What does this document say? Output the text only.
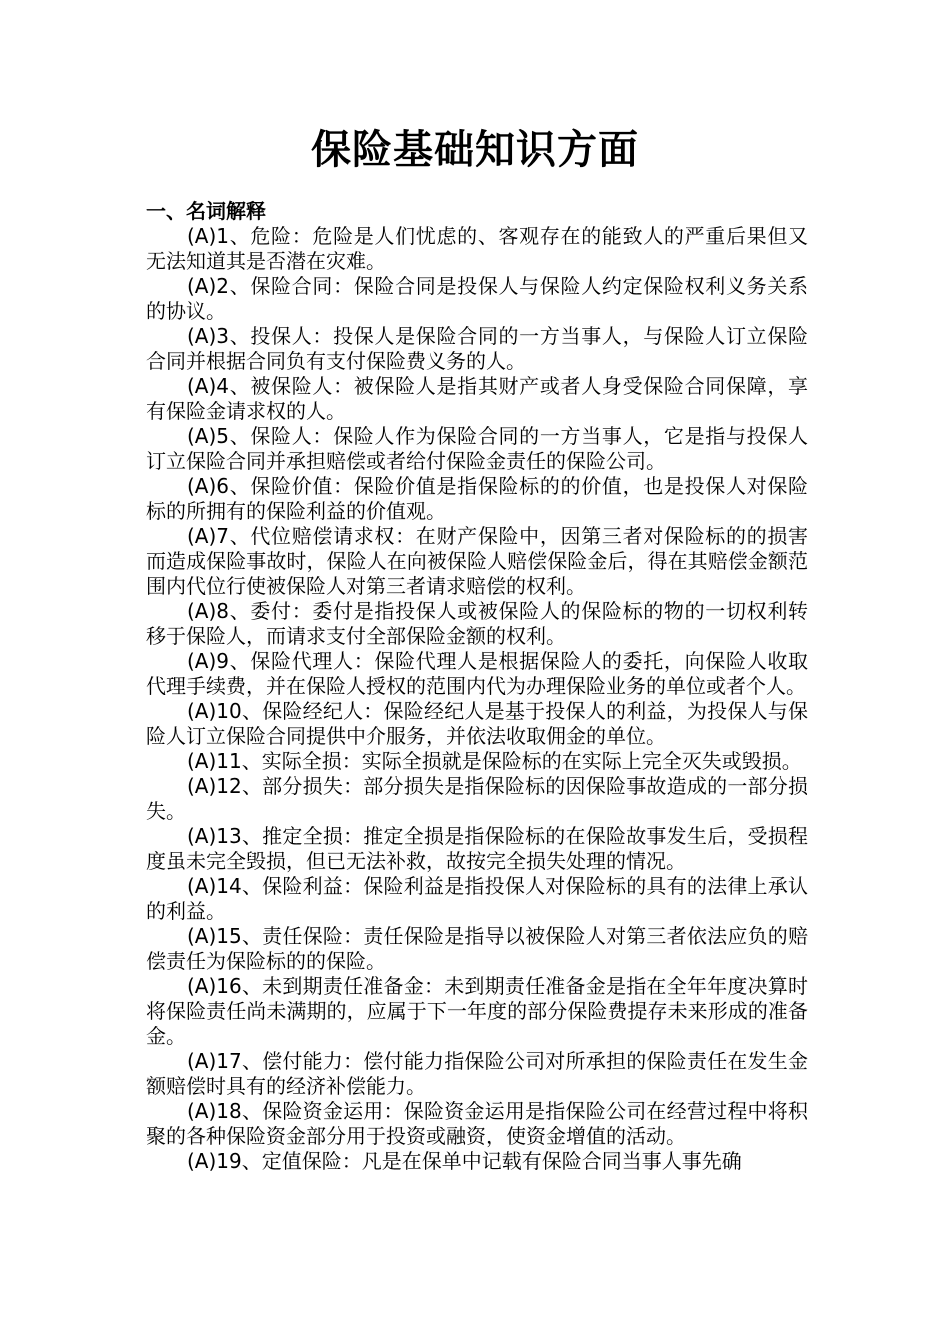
保险基础知识方面

一、名词解释

(A)1、危险：危险是人们忧虑的、客观存在的能致人的严重后果但又无法知道其是否潜在灾难。

(A)2、保险合同：保险合同是投保人与保险人约定保险权利义务关系的协议。

(A)3、投保人：投保人是保险合同的一方当事人，与保险人订立保险合同并根据合同负有支付保险费义务的人。

(A)4、被保险人：被保险人是指其财产或者人身受保险合同保障，享有保险金请求权的人。

(A)5、保险人：保险人作为保险合同的一方当事人，它是指与投保人订立保险合同并承担赔偿或者给付保险金责任的保险公司。

(A)6、保险价值：保险价值是指保险标的的价值，也是投保人对保险标的所拥有的保险利益的价值观。

(A)7、代位赔偿请求权：在财产保险中，因第三者对保险标的的损害而造成保险事故时，保险人在向被保险人赔偿保险金后，得在其赔偿金额范围内代位行使被保险人对第三者请求赔偿的权利。

(A)8、委付：委付是指投保人或被保险人的保险标的物的一切权利转移于保险人，而请求支付全部保险金额的权利。

(A)9、保险代理人：保险代理人是根据保险人的委托，向保险人收取代理手续费，并在保险人授权的范围内代为办理保险业务的单位或者个人。

(A)10、保险经纪人：保险经纪人是基于投保人的利益，为投保人与保险人订立保险合同提供中介服务，并依法收取佣金的单位。

(A)11、实际全损：实际全损就是保险标的在实际上完全灭失或毁损。

(A)12、部分损失：部分损失是指保险标的因保险事故造成的一部分损失。

(A)13、推定全损：推定全损是指保险标的在保险故事发生后，受损程度虽未完全毁损，但已无法补救，故按完全损失处理的情况。

(A)14、保险利益：保险利益是指投保人对保险标的具有的法律上承认的利益。

(A)15、责任保险：责任保险是指导以被保险人对第三者依法应负的赔偿责任为保险标的的保险。

(A)16、未到期责任准备金：未到期责任准备金是指在全年年度决算时将保险责任尚未满期的，应属于下一年度的部分保险费提存未来形成的准备金。

(A)17、偿付能力：偿付能力指保险公司对所承担的保险责任在发生金额赔偿时具有的经济补偿能力。

(A)18、保险资金运用：保险资金运用是指保险公司在经营过程中将积聚的各种保险资金部分用于投资或融资，使资金增值的活动。

(A)19、定值保险：凡是在保单中记载有保险合同当事人事先确
